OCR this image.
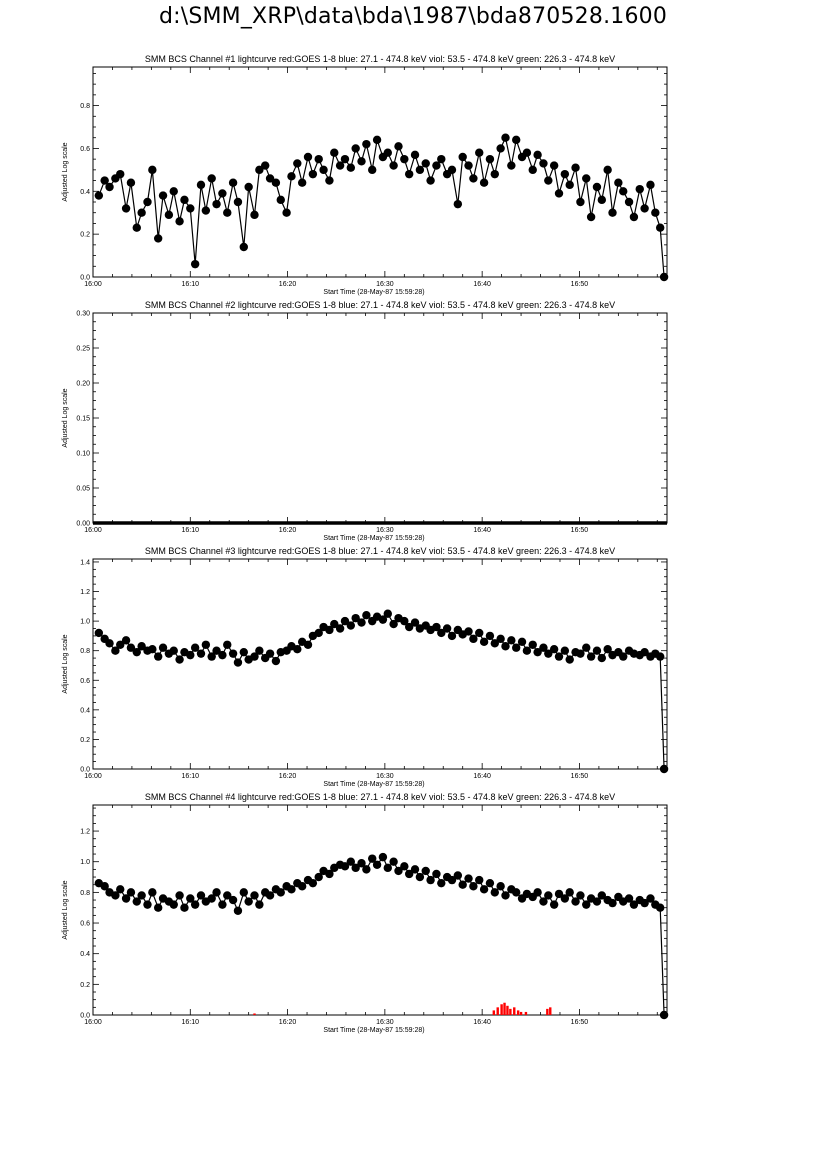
d:\SMM_XRP\data\bda\1987\bda870528.1600
SMM BCS Channel #1 lightcurve red:GOES 1-8 blue: 27.1 - 474.8 keV viol: 53.5 - 474.8 keV green: 226.3 - 474.8 keV
16:00	16:10	16:20	16:30	16:40	16:50
0.0
0.2
0.4
0.6
0.8
Start Time (28-May-87 15:59:28)
Adjusted Log scale
SMM BCS Channel #2 lightcurve red:GOES 1-8 blue: 27.1 - 474.8 keV viol: 53.5 - 474.8 keV green: 226.3 - 474.8 keV
16:00	16:10	16:20	16:30	16:40	16:50
0.00
0.05
0.10
0.15
0.20
0.25
0.30
Start Time (28-May-87 15:59:28)
Adjusted Log scale
SMM BCS Channel #3 lightcurve red:GOES 1-8 blue: 27.1 - 474.8 keV viol: 53.5 - 474.8 keV green: 226.3 - 474.8 keV
16:00	16:10	16:20	16:30	16:40	16:50
0.0
0.2
0.4
0.6
0.8
1.0
1.2
1.4
Start Time (28-May-87 15:59:28)
Adjusted Log scale
SMM BCS Channel #4 lightcurve red:GOES 1-8 blue: 27.1 - 474.8 keV viol: 53.5 - 474.8 keV green: 226.3 - 474.8 keV
16:00	16:10	16:20	16:30	16:40	16:50
0.0
0.2
0.4
0.6
0.8
1.0
1.2
Start Time (28-May-87 15:59:28)
Adjusted Log scale
